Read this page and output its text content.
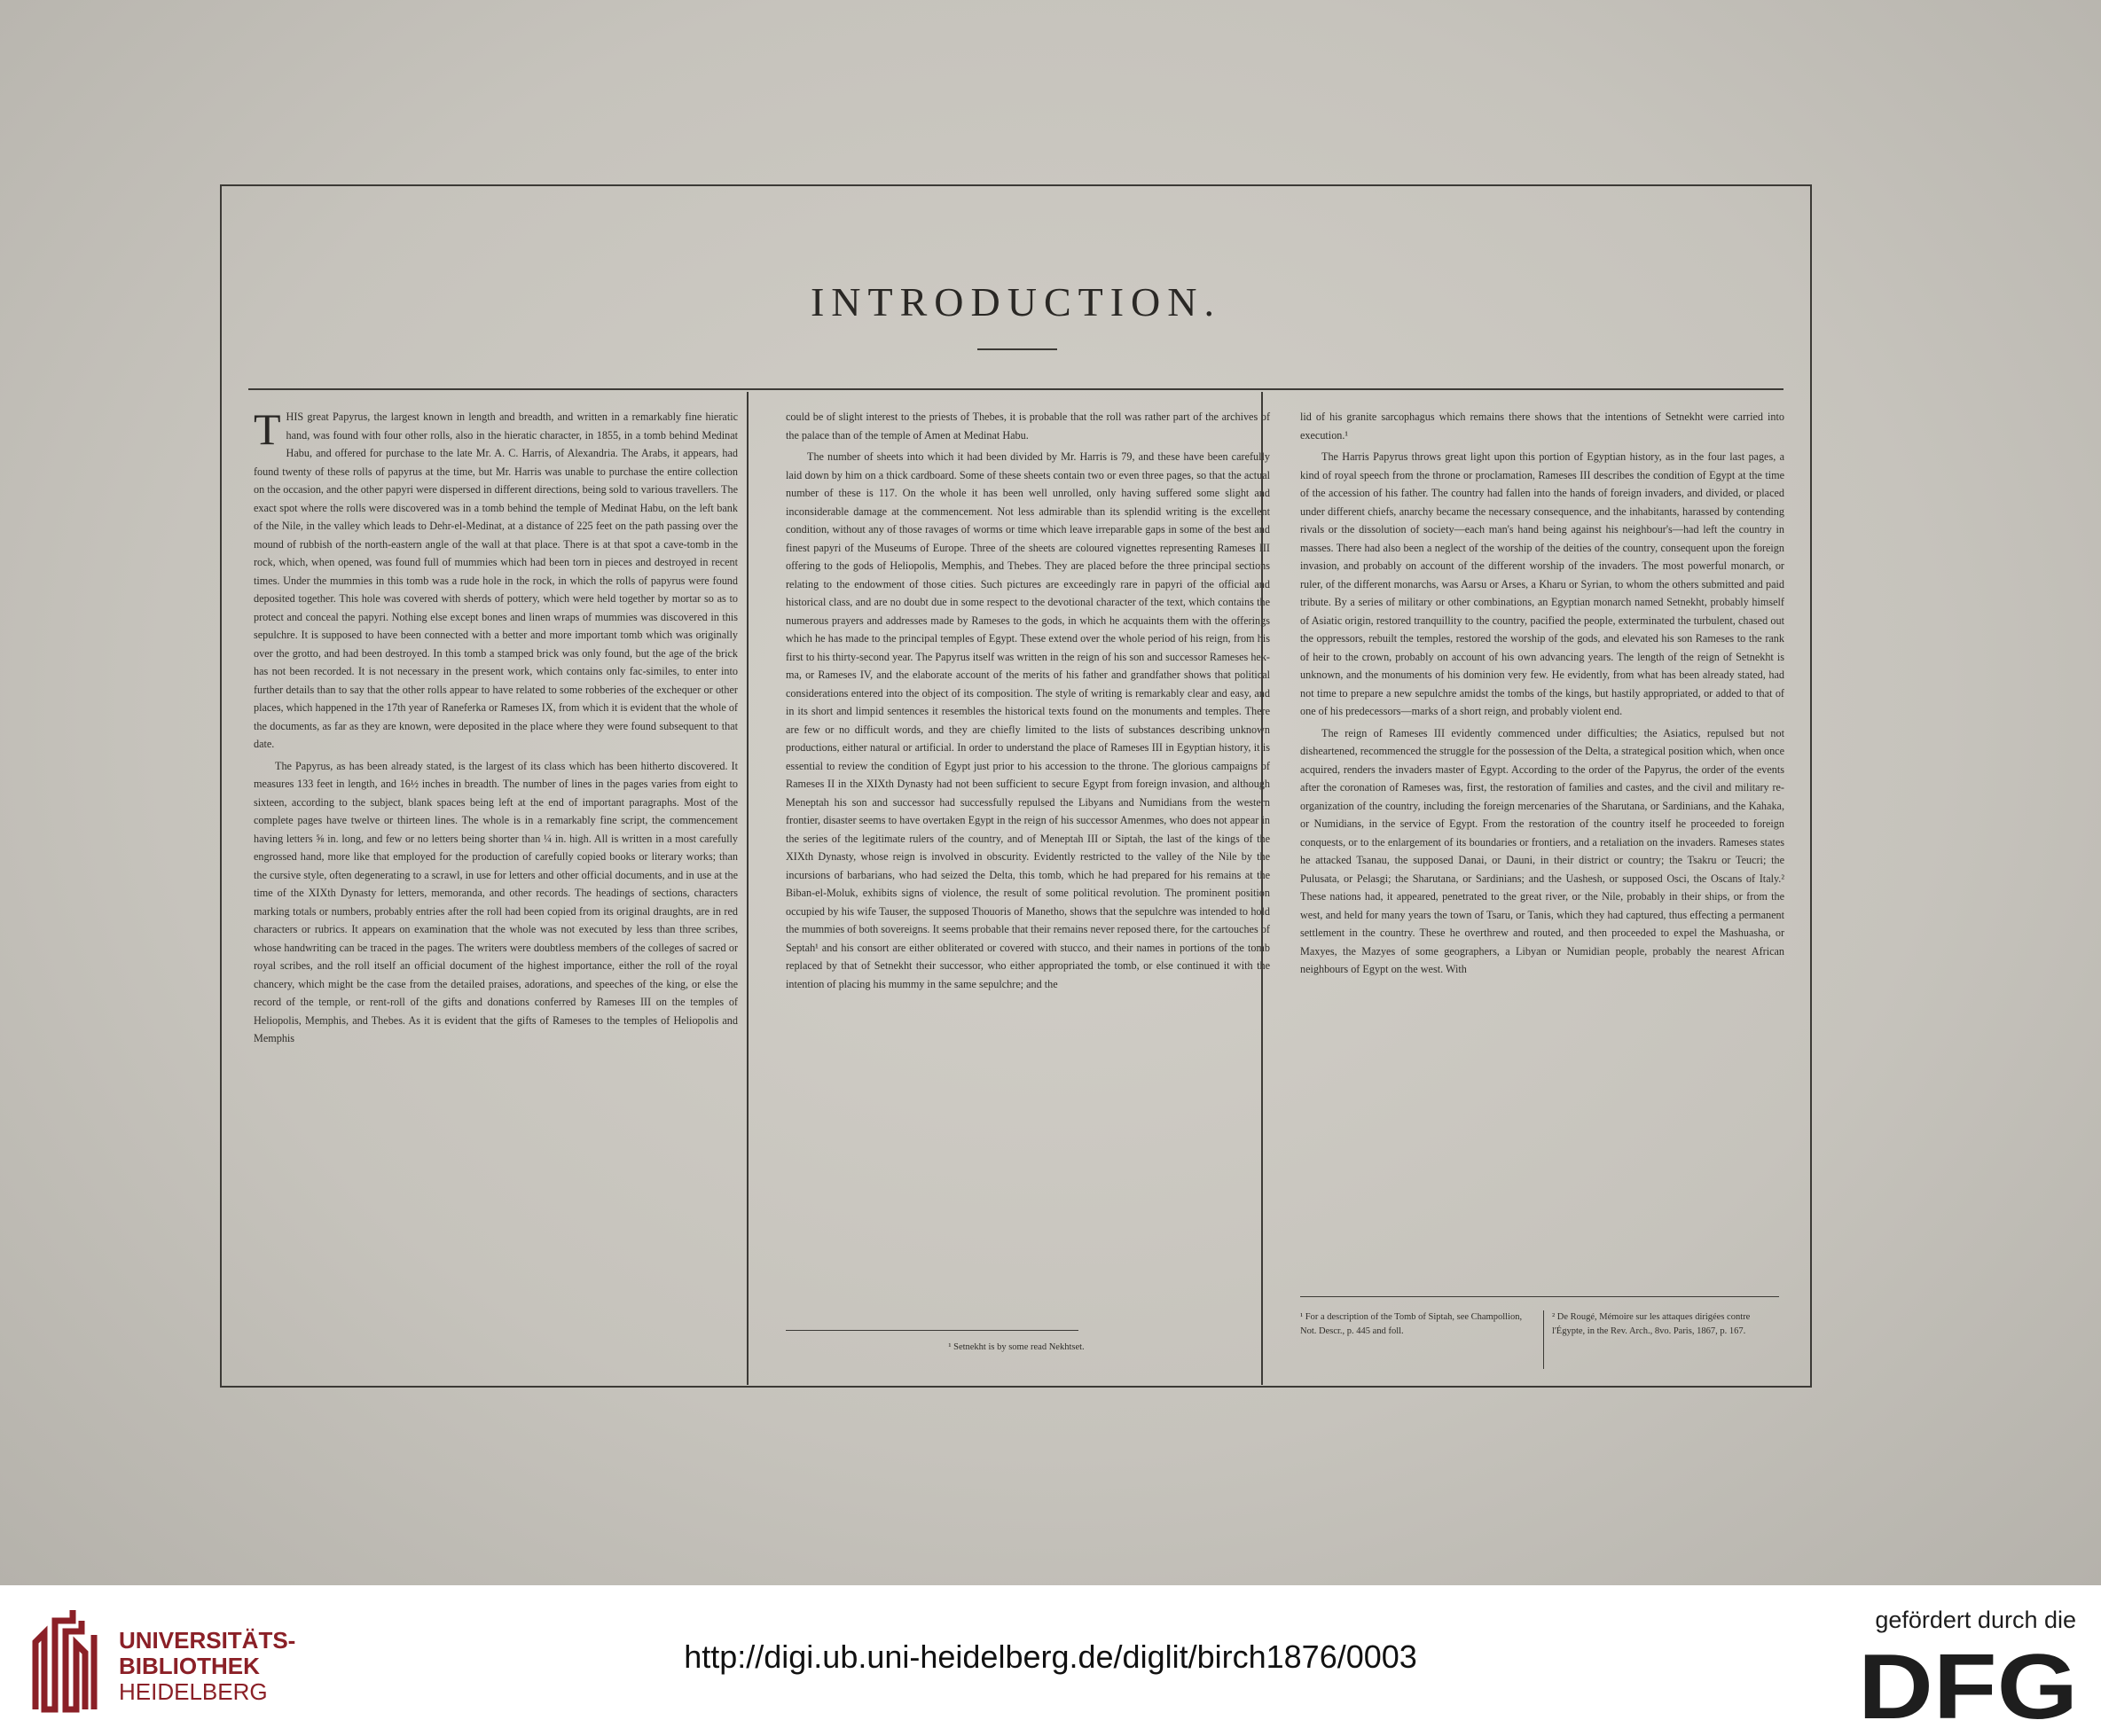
INTRODUCTION.

THIS great Papyrus, the largest known in length and breadth, and written in a remarkably fine hieratic hand, was found with four other rolls, also in the hieratic character, in 1855, in a tomb behind Medinat Habu, and offered for purchase to the late Mr. A. C. Harris, of Alexandria. The Arabs, it appears, had found twenty of these rolls of papyrus at the time, but Mr. Harris was unable to purchase the entire collection on the occasion, and the other papyri were dispersed in different directions, being sold to various travellers. The exact spot where the rolls were discovered was in a tomb behind the temple of Medinat Habu, on the left bank of the Nile, in the valley which leads to Dehr-el-Medinat, at a distance of 225 feet on the path passing over the mound of rubbish of the north-eastern angle of the wall at that place. There is at that spot a cave-tomb in the rock, which, when opened, was found full of mummies which had been torn in pieces and destroyed in recent times. Under the mummies in this tomb was a rude hole in the rock, in which the rolls of papyrus were found deposited together. This hole was covered with sherds of pottery, which were held together by mortar so as to protect and conceal the papyri. Nothing else except bones and linen wraps of mummies was discovered in this sepulchre. It is supposed to have been connected with a better and more important tomb which was originally over the grotto, and had been destroyed. In this tomb a stamped brick was only found, but the age of the brick has not been recorded. It is not necessary in the present work, which contains only fac-similes, to enter into further details than to say that the other rolls appear to have related to some robberies of the exchequer or other places, which happened in the 17th year of Raneferka or Rameses IX, from which it is evident that the whole of the documents, as far as they are known, were deposited in the place where they were found subsequent to that date.

The Papyrus, as has been already stated, is the largest of its class which has been hitherto discovered. It measures 133 feet in length, and 16½ inches in breadth. The number of lines in the pages varies from eight to sixteen, according to the subject, blank spaces being left at the end of important paragraphs. Most of the complete pages have twelve or thirteen lines. The whole is in a remarkably fine script, the commencement having letters ⅝ in. long, and few or no letters being shorter than ¼ in. high. All is written in a most carefully engrossed hand, more like that employed for the production of carefully copied books or literary works; than the cursive style, often degenerating to a scrawl, in use for letters and other official documents, and in use at the time of the XIXth Dynasty for letters, memoranda, and other records. The headings of sections, characters marking totals or numbers, probably entries after the roll had been copied from its original draughts, are in red characters or rubrics. It appears on examination that the whole was not executed by less than three scribes, whose handwriting can be traced in the pages. The writers were doubtless members of the colleges of sacred or royal scribes, and the roll itself an official document of the highest importance, either the roll of the royal chancery, which might be the case from the detailed praises, adorations, and speeches of the king, or else the record of the temple, or rent-roll of the gifts and donations conferred by Rameses III on the temples of Heliopolis, Memphis, and Thebes. As it is evident that the gifts of Rameses to the temples of Heliopolis and Memphis

could be of slight interest to the priests of Thebes, it is probable that the roll was rather part of the archives of the palace than of the temple of Amen at Medinat Habu.

The number of sheets into which it had been divided by Mr. Harris is 79, and these have been carefully laid down by him on a thick cardboard. Some of these sheets contain two or even three pages, so that the actual number of these is 117. On the whole it has been well unrolled, only having suffered some slight and inconsiderable damage at the commencement. Not less admirable than its splendid writing is the excellent condition, without any of those ravages of worms or time which leave irreparable gaps in some of the best and finest papyri of the Museums of Europe. Three of the sheets are coloured vignettes representing Rameses III offering to the gods of Heliopolis, Memphis, and Thebes. They are placed before the three principal sections relating to the endowment of those cities. Such pictures are exceedingly rare in papyri of the official and historical class, and are no doubt due in some respect to the devotional character of the text, which contains the numerous prayers and addresses made by Rameses to the gods, in which he acquaints them with the offerings which he has made to the principal temples of Egypt. These extend over the whole period of his reign, from his first to his thirty-second year. The Papyrus itself was written in the reign of his son and successor Rameses hek-ma, or Rameses IV, and the elaborate account of the merits of his father and grandfather shows that political considerations entered into the object of its composition. The style of writing is remarkably clear and easy, and in its short and limpid sentences it resembles the historical texts found on the monuments and temples. There are few or no difficult words, and they are chiefly limited to the lists of substances describing unknown productions, either natural or artificial. In order to understand the place of Rameses III in Egyptian history, it is essential to review the condition of Egypt just prior to his accession to the throne. The glorious campaigns of Rameses II in the XIXth Dynasty had not been sufficient to secure Egypt from foreign invasion, and although Meneptah his son and successor had successfully repulsed the Libyans and Numidians from the western frontier, disaster seems to have overtaken Egypt in the reign of his successor Amenmes, who does not appear in the series of the legitimate rulers of the country, and of Meneptah III or Siptah, the last of the kings of the XIXth Dynasty, whose reign is involved in obscurity. Evidently restricted to the valley of the Nile by the incursions of barbarians, who had seized the Delta, this tomb, which he had prepared for his remains at the Biban-el-Moluk, exhibits signs of violence, the result of some political revolution. The prominent position occupied by his wife Tauser, the supposed Thouoris of Manetho, shows that the sepulchre was intended to hold the mummies of both sovereigns. It seems probable that their remains never reposed there, for the cartouches of Septah¹ and his consort are either obliterated or covered with stucco, and their names in portions of the tomb replaced by that of Setnekht their successor, who either appropriated the tomb, or else continued it with the intention of placing his mummy in the same sepulchre; and the

¹ Setnekht is by some read Nekhtset.

lid of his granite sarcophagus which remains there shows that the intentions of Setnekht were carried into execution.¹

The Harris Papyrus throws great light upon this portion of Egyptian history, as in the four last pages, a kind of royal speech from the throne or proclamation, Rameses III describes the condition of Egypt at the time of the accession of his father. The country had fallen into the hands of foreign invaders, and divided, or placed under different chiefs, anarchy became the necessary consequence, and the inhabitants, harassed by contending rivals or the dissolution of society—each man's hand being against his neighbour's—had left the country in masses. There had also been a neglect of the worship of the deities of the country, consequent upon the foreign invasion, and probably on account of the different worship of the invaders. The most powerful monarch, or ruler, of the different monarchs, was Aarsu or Arses, a Kharu or Syrian, to whom the others submitted and paid tribute. By a series of military or other combinations, an Egyptian monarch named Setnekht, probably himself of Asiatic origin, restored tranquillity to the country, pacified the people, exterminated the turbulent, chased out the oppressors, rebuilt the temples, restored the worship of the gods, and elevated his son Rameses to the rank of heir to the crown, probably on account of his own advancing years. The length of the reign of Setnekht is unknown, and the monuments of his dominion very few. He evidently, from what has been already stated, had not time to prepare a new sepulchre amidst the tombs of the kings, but hastily appropriated, or added to that of one of his predecessors—marks of a short reign, and probably violent end.

The reign of Rameses III evidently commenced under difficulties; the Asiatics, repulsed but not disheartened, recommenced the struggle for the possession of the Delta, a strategical position which, when once acquired, renders the invaders master of Egypt. According to the order of the Papyrus, the order of the events after the coronation of Rameses was, first, the restoration of families and castes, and the civil and military re-organization of the country, including the foreign mercenaries of the Sharutana, or Sardinians, and the Kahaka, or Numidians, in the service of Egypt. From the restoration of the country itself he proceeded to foreign conquests, or to the enlargement of its boundaries or frontiers, and a retaliation on the invaders. Rameses states he attacked Tsanau, the supposed Danai, or Dauni, in their district or country; the Tsakru or Teucri; the Pulusata, or Pelasgi; the Sharutana, or Sardinians; and the Uashesh, or supposed Osci, the Oscans of Italy.² These nations had, it appeared, penetrated to the great river, or the Nile, probably in their ships, or from the west, and held for many years the town of Tsaru, or Tanis, which they had captured, thus effecting a permanent settlement in the country. These he overthrew and routed, and then proceeded to expel the Mashuasha, or Maxyes, the Mazyes of some geographers, a Libyan or Numidian people, probably the nearest African neighbours of Egypt on the west. With

¹ For a description of the Tomb of Siptah, see Champollion, Not. Descr., p. 445 and foll.
² De Rougé, Mémoire sur les attaques dirigées contre l'Égypte, in the Rev. Arch., 8vo. Paris, 1867, p. 167.
UNIVERSITÄTS-
BIBLIOTHEK
HEIDELBERG
http://digi.ub.uni-heidelberg.de/diglit/birch1876/0003
gefördert durch die
DFG
